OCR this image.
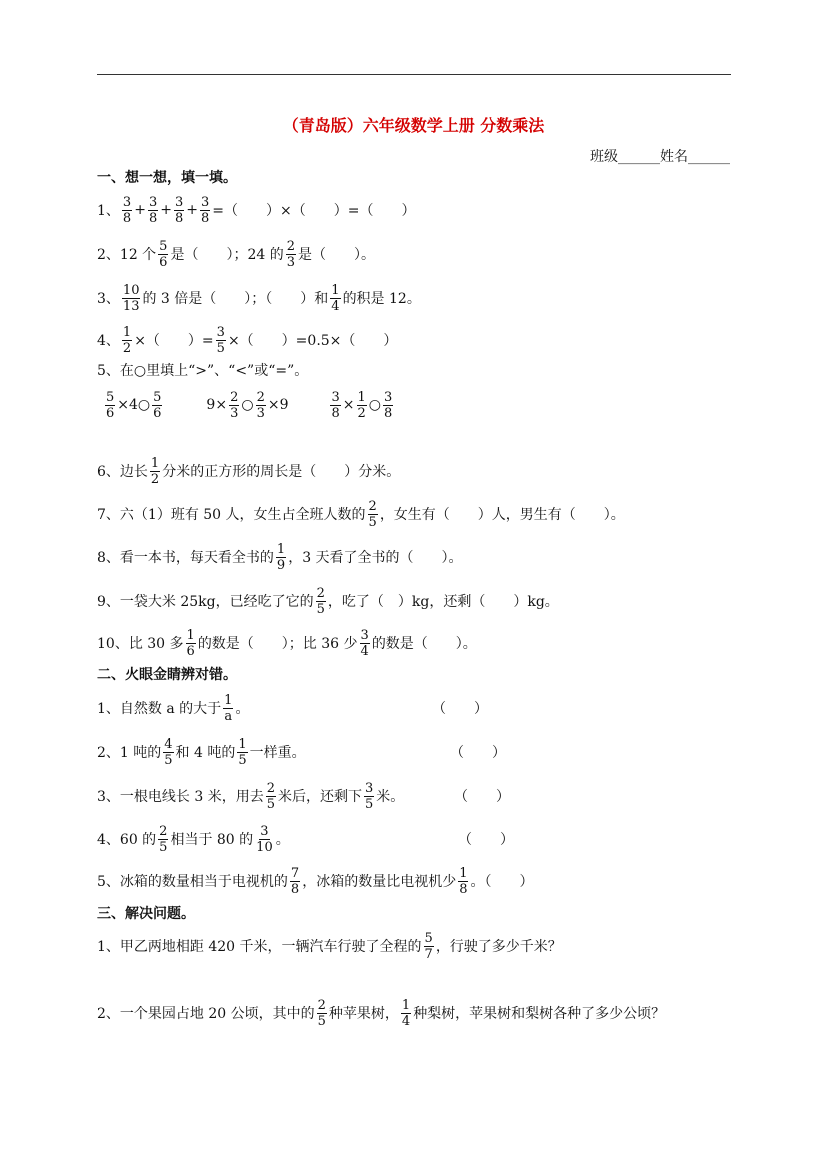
（青岛版）六年级数学上册 分数乘法
班级______姓名______
一、想一想，填一填。
1、 $\frac{3}{8} + \frac{3}{8} + \frac{3}{8} + \frac{3}{8}$ =（　　）×（　　）=（　　）
2、12 个 $\frac{5}{6}$ 是（　　）；24 的 $\frac{2}{3}$ 是（　　）。
3、 $\frac{10}{13}$ 的 3 倍是（　　）；（　　）和 $\frac{1}{4}$ 的积是 12。
4、 $\frac{1}{2}$ ×（　　）= $\frac{3}{5}$ ×（　　）=0.5×（　　）
5、在○里填上“>”、“<”或“=”。
$\frac{5}{6}$ ×4○ $\frac{5}{6}$	$9\times \frac{2}{3}$ ○ $\frac{2}{3} \times 9$	$\frac{3}{8} \times \frac{1}{2}$ ○ $\frac{3}{8}$
6、边长 $\frac{1}{2}$ 分米的正方形的周长是（　　）分米。
7、六（1）班有 50 人，女生占全班人数的 $\frac{2}{5}$ ，女生有（　　）人，男生有（　　）。
8、看一本书，每天看全书的 $\frac{1}{9}$ ，3 天看了全书的（　　）。
9、一袋大米 25kg，已经吃了它的 $\frac{2}{5}$ ，吃了（　）kg，还剩（　　）kg。
10、比 30 多 $\frac{1}{6}$ 的数是（　　）；比 36 少 $\frac{3}{4}$ 的数是（　　）。
二、火眼金睛辨对错。
1、自然数 a 的大于 $\frac{1}{a}$ 。	（　　）
2、1 吨的 $\frac{4}{5}$ 和 4 吨的 $\frac{1}{5}$ 一样重。	（　　）
3、一根电线长 3 米，用去 $\frac{2}{5}$ 米后，还剩下 $\frac{3}{5}$ 米。	（　　）
4、60 的 $\frac{2}{5}$ 相当于 80 的 $\frac{3}{10}$ 。	（　　）
5、冰箱的数量相当于电视机的 $\frac{7}{8}$ ，冰箱的数量比电视机少 $\frac{1}{8}$ 。（　　）
三、解决问题。
1、甲乙两地相距 420 千米，一辆汽车行驶了全程的 $\frac{5}{7}$ ，行驶了多少千米？
2、一个果园占地 20 公顷，其中的 $\frac{2}{5}$ 种苹果树， $\frac{1}{4}$ 种梨树，苹果树和梨树各种了多少公顷？
